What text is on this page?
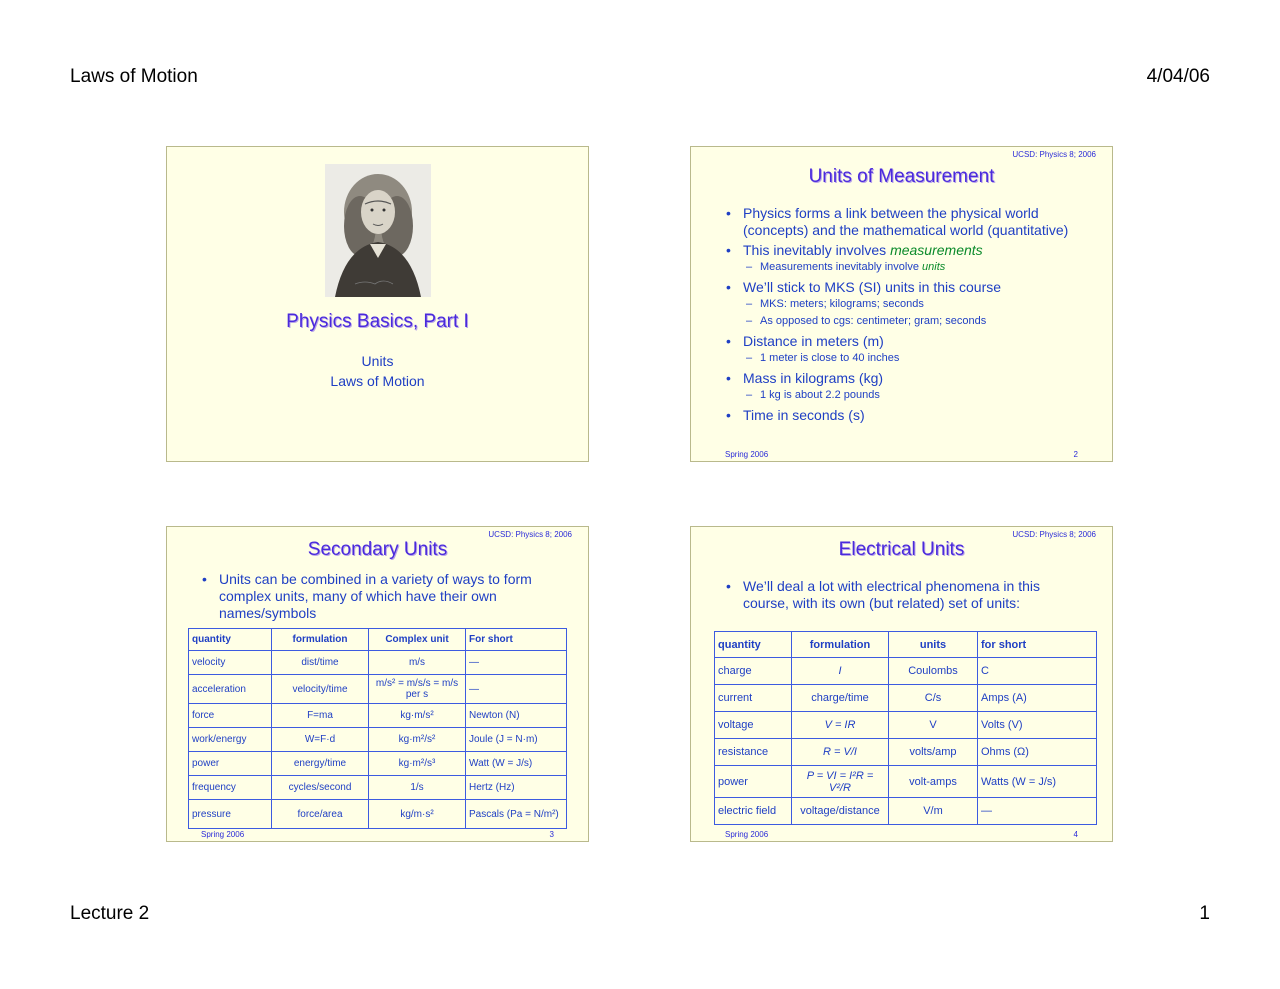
Laws of Motion	4/04/06
Lecture 2	1
Physics Basics, Part I
Units
Laws of Motion
UCSD: Physics 8; 2006
Units of Measurement
• Physics forms a link between the physical world (concepts) and the mathematical world (quantitative)
• This inevitably involves measurements
– Measurements inevitably involve units
• We’ll stick to MKS (SI) units in this course
– MKS: meters; kilograms; seconds
– As opposed to cgs: centimeter; gram; seconds
• Distance in meters (m)
– 1 meter is close to 40 inches
• Mass in kilograms (kg)
– 1 kg is about 2.2 pounds
• Time in seconds (s)
Spring 2006	2
UCSD: Physics 8; 2006
Secondary Units
• Units can be combined in a variety of ways to form complex units, many of which have their own names/symbols
quantity	formulation	Complex unit	For short
velocity	dist/time	m/s	—
acceleration	velocity/time	m/s² = m/s/s = m/s per s	—
force	F=ma	kg·m/s²	Newton (N)
work/energy	W=F·d	kg·m²/s²	Joule (J = N·m)
power	energy/time	kg·m²/s³	Watt (W = J/s)
frequency	cycles/second	1/s	Hertz (Hz)
pressure	force/area	kg/m·s²	Pascals (Pa = N/m²)
Spring 2006	3
UCSD: Physics 8; 2006
Electrical Units
• We’ll deal a lot with electrical phenomena in this course, with its own (but related) set of units:
quantity	formulation	units	for short
charge	I	Coulombs	C
current	charge/time	C/s	Amps (A)
voltage	V = IR	V	Volts (V)
resistance	R = V/I	volts/amp	Ohms (Ω)
power	P = VI = I²R = V²/R	volt-amps	Watts (W = J/s)
electric field	voltage/distance	V/m	—
Spring 2006	4
